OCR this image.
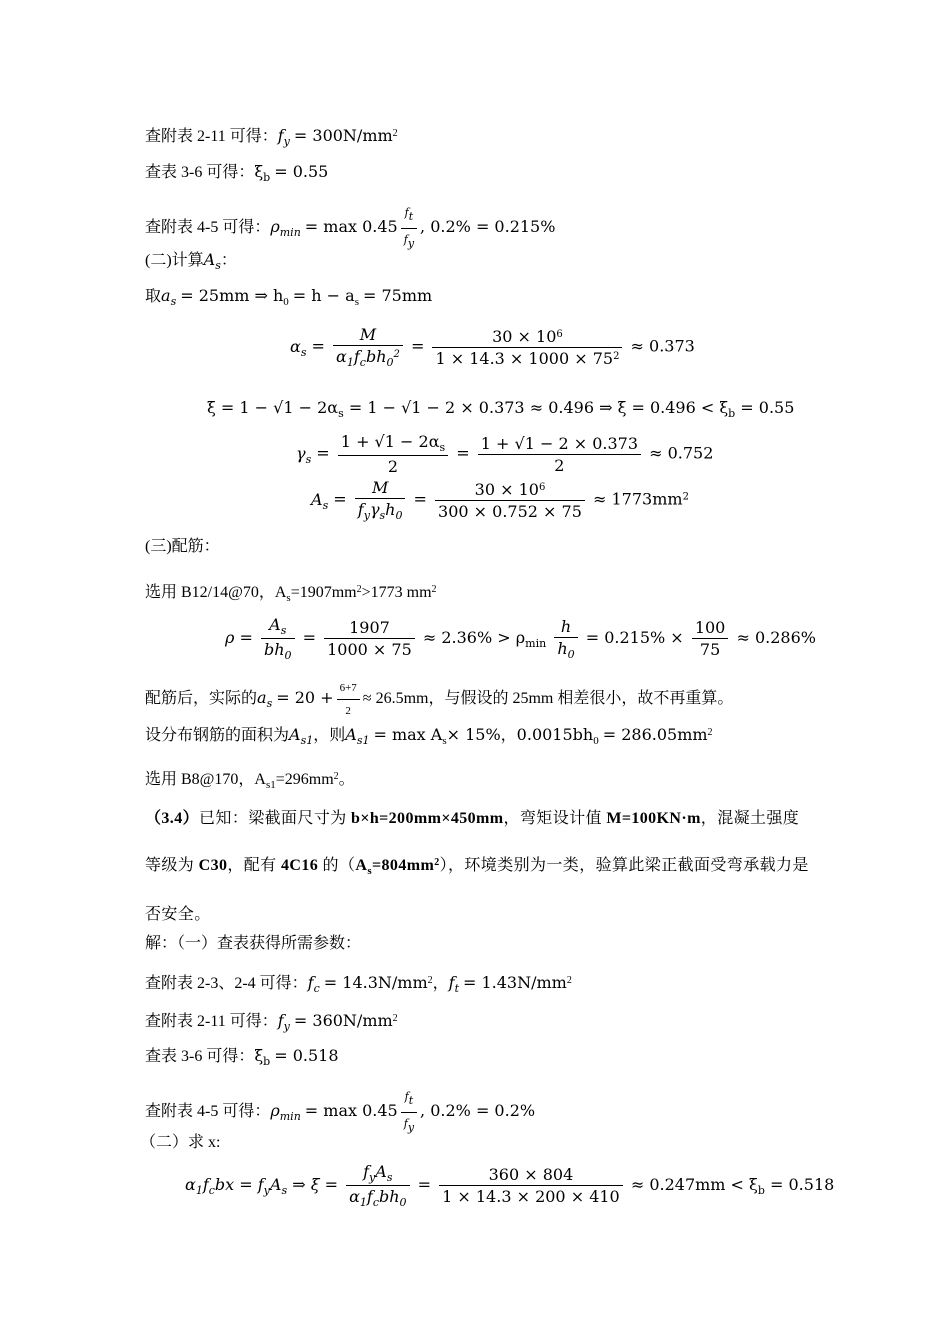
查附表 2-11 可得：$f_y = 300N/mm^2$
查表 3-6 可得：$\xi_b = 0.55$
查附表 4-5 可得：$\rho_{min} = \max 0.45 \frac{f_t}{f_y}$ , 0.2% = 0.215%
(二)计算$A_s$：
取$a_s = 25mm$ ⇒ $h_0 = h - a_s = 75mm$
$\alpha_s = \frac{M}{\alpha_1f_cbh_0^2} = \frac{30 \times 10^6}{1 \times 14.3 \times 1000 \times 75^2} \approx 0.373$
$\xi = 1 - √1 - 2\alpha_s = 1 - √1 - 2 \times 0.373 \approx 0.496$ ⇒ $\xi = 0.496 < \xi_b = 0.55$
$\gamma_s = \frac{1 + √1 - 2\alpha_s}{2} = \frac{1 + √1 - 2 \times 0.373}{2} \approx 0.752$
$A_s = \frac{M}{f_y\gamma_sh_0} = \frac{30 \times 10^6}{300 \times 0.752 \times 75} \approx 1773mm^2$
(三)配筋：
选用 B12/14@70，$A_s=1907mm^2>1773$ $mm^2$
$\rho = \frac{A_s}{bh_0} = \frac{1907}{1000 \times 75} \approx 2.36\% > \rho_{min} \frac{h}{h_0} = 0.215\% \times \frac{100}{75} \approx 0.286\%$
配筋后，实际的$a_s = 20 + \frac{6+7}{2} \approx 26.5mm$，与假设的 25mm 相差很小，故不再重算。
设分布钢筋的面积为$A_{s1}$，则$A_{s1} = \max A_s\times 15\%$，$0.0015bh_0 = 286.05mm^2$
选用 B8@170，$A_{s1}=296mm^2$。
（3.4）已知：梁截面尺寸为 b×h=200mm×450mm，弯矩设计值 M=100KN·m，混凝土强度等级为 C30，配有 4C16 的$(A_s=804mm^2)$，环境类别为一类，验算此梁正截面受弯承载力是否安全。
解：（一）查表获得所需参数：
查附表 2-3、2-4 可得：$f_c = 14.3N/mm^2$，$f_t = 1.43N/mm^2$
查附表 2-11 可得：$f_y = 360N/mm^2$
查表 3-6 可得：$\xi_b = 0.518$
查附表 4-5 可得：$\rho_{min} = \max 0.45 \frac{f_t}{f_y}$ , 0.2% = 0.2%
（二）求 x:
$\alpha_1f_cbx = f_yA_s$ ⇒ $\xi = \frac{f_yA_s}{\alpha_1f_cbh_0} = \frac{360 \times 804}{1 \times 14.3 \times 200 \times 410} \approx 0.247mm < \xi_b = 0.518$
